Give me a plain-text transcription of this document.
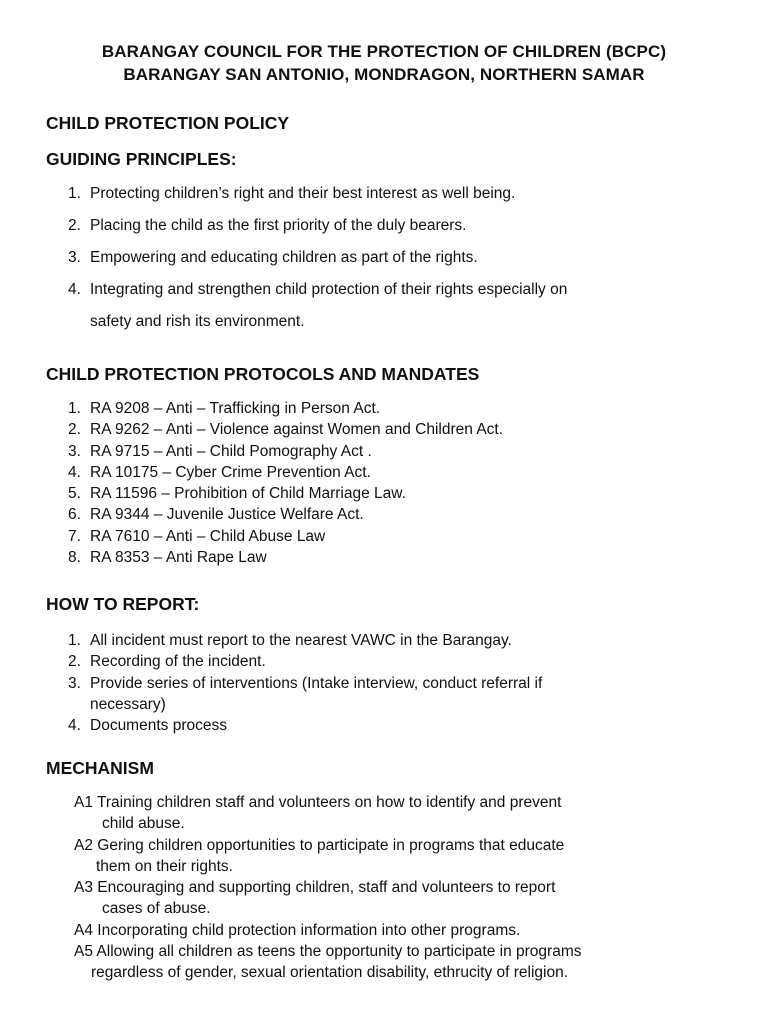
BARANGAY COUNCIL FOR THE PROTECTION OF CHILDREN (BCPC)
BARANGAY SAN ANTONIO, MONDRAGON, NORTHERN SAMAR
CHILD PROTECTION POLICY
GUIDING PRINCIPLES:
1. Protecting children’s right and their best interest as well being.
2. Placing the child as the first priority of the duly bearers.
3. Empowering and educating children as part of the rights.
4. Integrating and strengthen child protection of their rights especially on
safety and rish its environment.
CHILD PROTECTION PROTOCOLS AND MANDATES
1. RA 9208 – Anti – Trafficking in Person Act.
2. RA 9262 – Anti – Violence against Women and Children Act.
3. RA 9715 – Anti – Child Pomography Act .
4. RA 10175 – Cyber Crime Prevention Act.
5. RA 11596 – Prohibition of Child Marriage Law.
6. RA 9344 – Juvenile Justice Welfare Act.
7. RA 7610 – Anti – Child Abuse Law
8. RA 8353 – Anti Rape Law
HOW TO REPORT:
1. All incident must report to the nearest VAWC in the Barangay.
2. Recording of the incident.
3. Provide series of interventions (Intake interview, conduct referral if
necessary)
4. Documents process
MECHANISM
A1 Training children staff and volunteers on how to identify and prevent
child abuse.
A2 Gering children opportunities to participate in programs that educate
them on their rights.
A3 Encouraging and supporting children, staff and volunteers to report
cases of abuse.
A4 Incorporating child protection information into other programs.
A5 Allowing all children as teens the opportunity to participate in programs
regardless of gender, sexual orientation disability, ethrucity of religion.
